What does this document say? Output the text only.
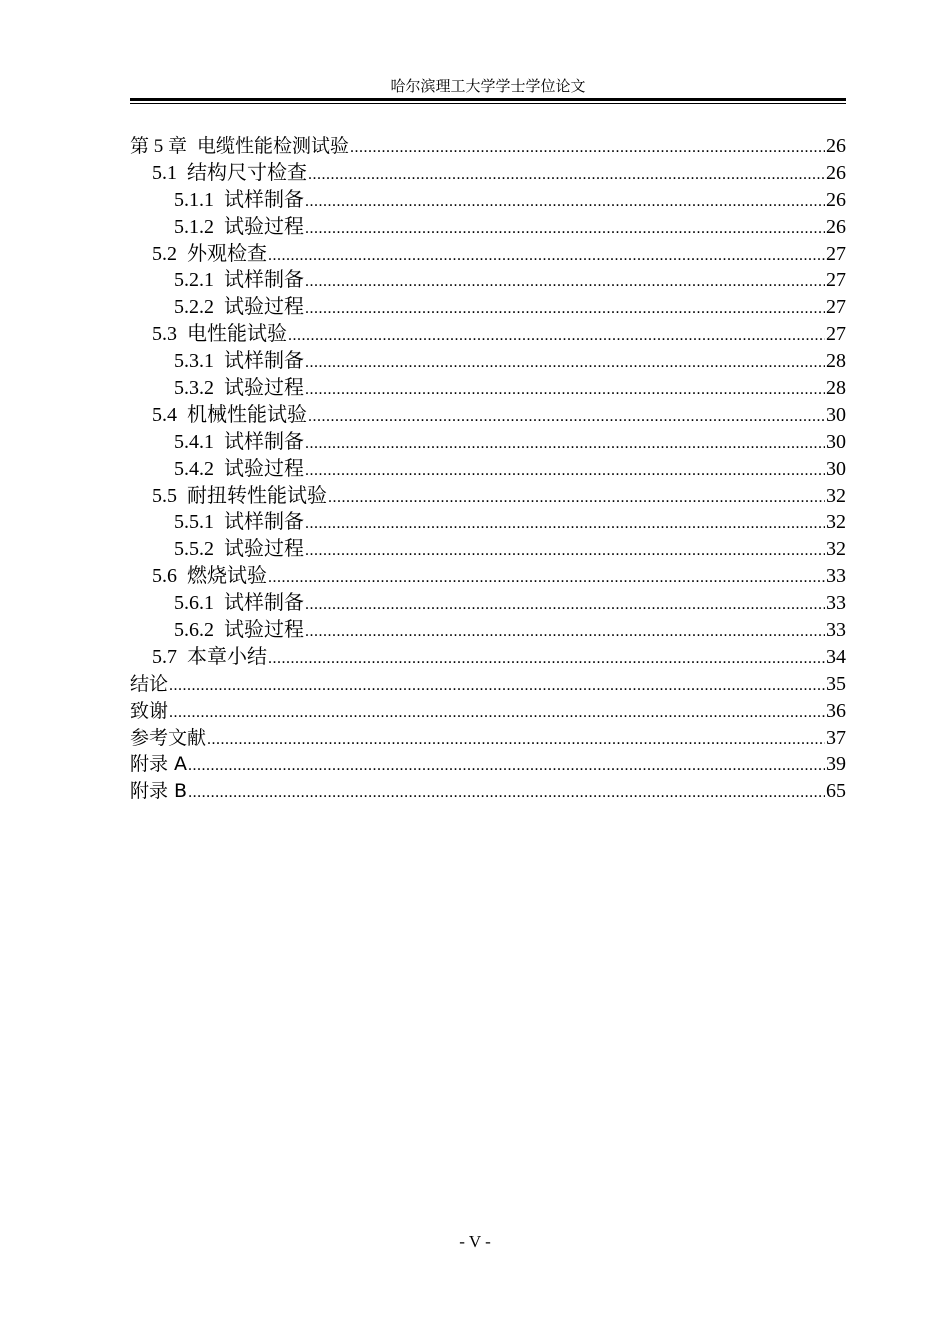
哈尔滨理工大学学士学位论文
第 5 章 电缆性能检测试验 .....	26
5.1 结构尺寸检查 .....	26
5.1.1 试样制备 .....	26
5.1.2 试验过程 .....	26
5.2 外观检查 .....	27
5.2.1 试样制备 .....	27
5.2.2 试验过程 .....	27
5.3 电性能试验 .....	27
5.3.1 试样制备 .....	28
5.3.2 试验过程 .....	28
5.4 机械性能试验 .....	30
5.4.1 试样制备 .....	30
5.4.2 试验过程 .....	30
5.5 耐扭转性能试验 .....	32
5.5.1 试样制备 .....	32
5.5.2 试验过程 .....	32
5.6 燃烧试验 .....	33
5.6.1 试样制备 .....	33
5.6.2 试验过程 .....	33
5.7 本章小结 .....	34
结论 .....	35
致谢 .....	36
参考文献 .....	37
附录 A .....	39
附录 B .....	65
- V -
